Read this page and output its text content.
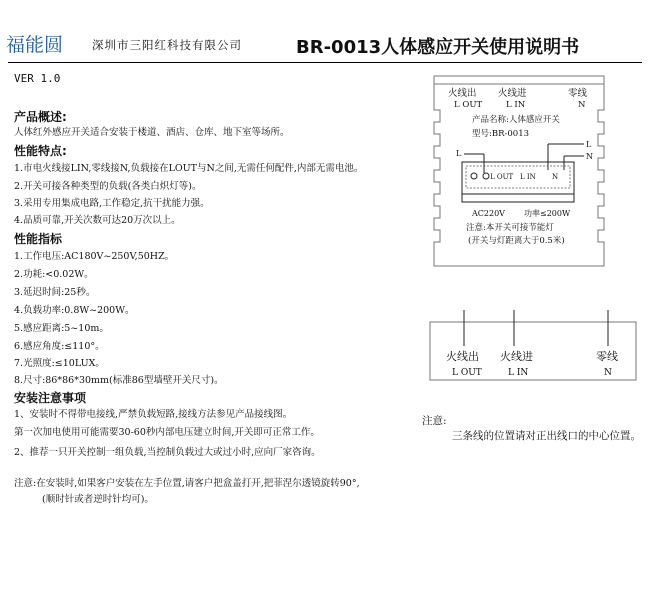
福能圆	深圳市三阳红科技有限公司	BR-0013人体感应开关使用说明书
VER 1.0
产品概述:
人体红外感应开关适合安装于楼道、酒店、仓库、地下室等场所。
性能特点:
1.市电火线接LIN,零线接N,负载接在LOUT与N之间,无需任何配件,内部无需电池。
2.开关可接各种类型的负载(各类白炽灯等)。
3.采用专用集成电路,工作稳定,抗干扰能力强。
4.品质可靠,开关次数可达20万次以上。
性能指标
1.工作电压:AC180V~250V,50HZ。
2.功耗:<0.02W。
3.延迟时间:25秒。
4.负载功率:0.8W~200W。
5.感应距离:5~10m。
6.感应角度:≤110°。
7.光照度:≤10LUX。
8.尺寸:86*86*30mm(标准86型墙壁开关尺寸)。
安装注意事项
1、安装时不得带电接线,严禁负载短路,接线方法参见产品接线图。
第一次加电使用可能需要30-60秒内部电压建立时间,开关即可正常工作。
2、推荐一只开关控制一组负载,当控制负载过大或过小时,应向厂家咨询。
注意:在安装时,如果客户安装在左手位置,请客户把盒盖打开,把菲涅尔透镜旋转90°,
(顺时针或者逆时针均可)。
注意:
三条线的位置请对正出线口的中心位置。
火线出 火线进	零线
L OUT	L IN	N
产品名称:人体感应开关
型号:BR-0013
L
N
L
L OUT L IN N
AC220V 功率≤200W
注意:本开关可接节能灯
(开关与灯距离大于0.5米)
火线出 火线进	零线
L OUT	L IN	N
